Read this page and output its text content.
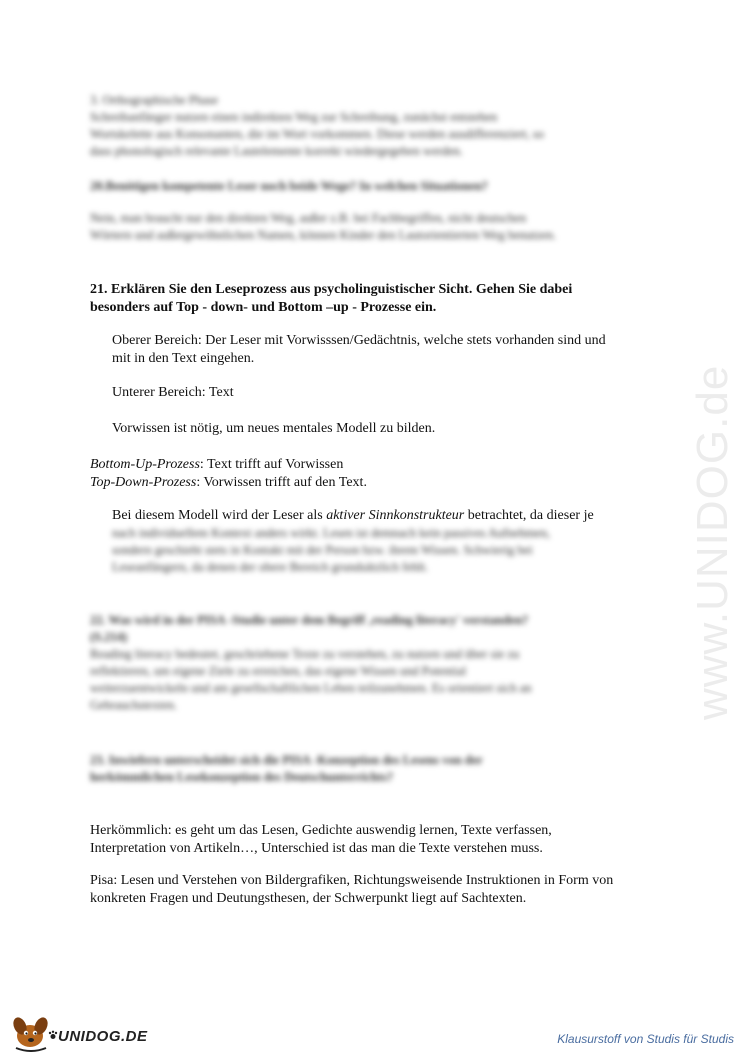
3. Orthographische Phase
Schreibanfänger nutzen einen indirekten Weg zur Schreibung, zunächst entstehen
Wortskelette aus Konsonanten, die im Wort vorkommen. Diese werden ausdifferenziert, so
dass phonologisch relevante Lautelemente korrekt wiedergegeben werden.
20.Benötigen kompetente Leser noch beide Wege? In welchen Situationen?
Nein, man braucht nur den direkten Weg, außer z.B. bei Fachbegriffen, nicht deutschen
Wörtern und außergewöhnlichen Namen, können Kinder den Lautorientierten Weg benutzen.
21. Erklären Sie den Leseprozess aus psycholinguistischer Sicht. Gehen Sie dabei
besonders auf Top - down- und Bottom –up - Prozesse ein.
Oberer Bereich: Der Leser mit Vorwisssen/Gedächtnis, welche stets vorhanden sind und
mit in den Text eingehen.
Unterer Bereich: Text
Vorwissen ist nötig, um neues mentales Modell zu bilden.
Bottom-Up-Prozess: Text trifft auf Vorwissen
Top-Down-Prozess: Vorwissen trifft auf den Text.
Bei diesem Modell wird der Leser als aktiver Sinnkonstrukteur betrachtet, da dieser je
nach individuellem Kontext anders wirkt. Lesen ist demnach kein passives Aufnehmen,
sondern geschieht stets in Kontakt mit der Person bzw. ihrem Wissen. Schwierig bei
Leseanfängern, da denen der obere Bereich grundsätzlich fehlt.
22. Was wird in der PISA -Studie unter dem Begriff ‚reading literacy' verstanden?
(S.214)
Reading literacy bedeutet, geschriebene Texte zu verstehen, zu nutzen und über sie zu
reflektieren, um eigene Ziele zu erreichen, das eigene Wissen und Potential
weiterzuentwickeln und am gesellschaftlichen Leben teilzunehmen. Es orientiert sich an
Gebrauchstexten.
23. Inwiefern unterscheidet sich die PISA -Konzeption des Lesens von der
herkömmlichen Lesekonzeption des Deutschunterrichts?
Herkömmlich: es geht um das Lesen, Gedichte auswendig lernen, Texte verfassen,
Interpretation von Artikeln…, Unterschied ist das man die Texte verstehen muss.
Pisa: Lesen und Verstehen von Bildergrafiken, Richtungsweisende Instruktionen in Form von
konkreten Fragen und Deutungsthesen, der Schwerpunkt liegt auf Sachtexten.
www.UNIDOG.de
UNIDOG.DE	Klausurstoff von Studis für Studis
